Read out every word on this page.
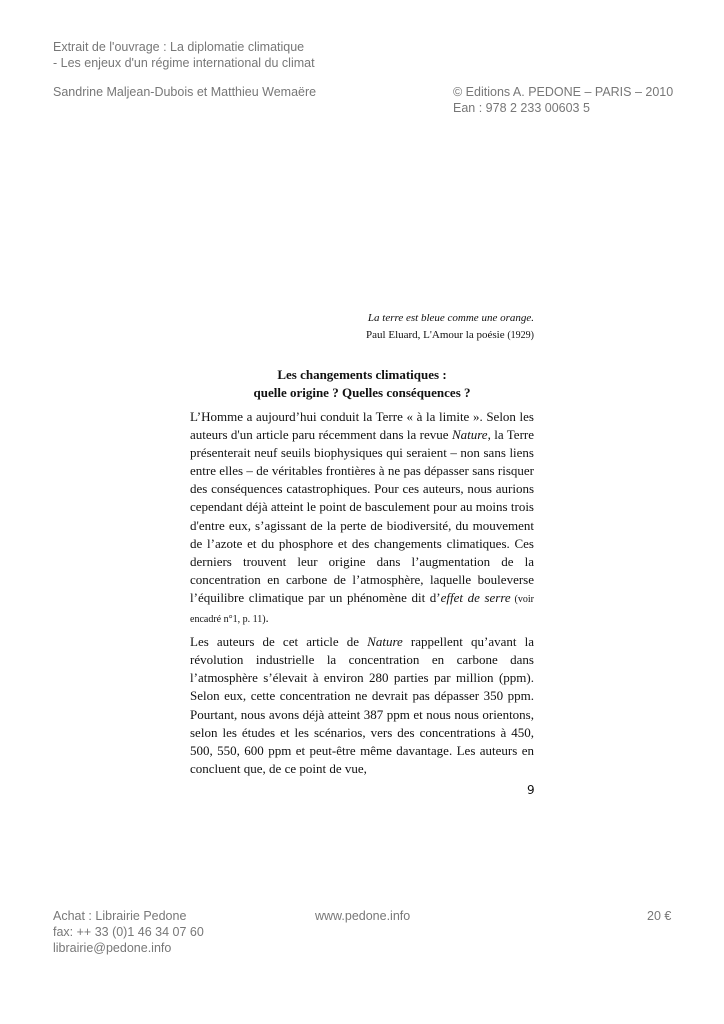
Extrait de l'ouvrage : La diplomatie climatique
- Les enjeux d'un régime international du climat
Sandrine Maljean-Dubois et Matthieu Wemaëre	© Editions A. PEDONE – PARIS – 2010
Ean : 978 2 233 00603 5
La terre est bleue comme une orange.
Paul Eluard, L'Amour la poésie (1929)
Les changements climatiques :
quelle origine ? Quelles conséquences ?

L’Homme a aujourd’hui conduit la Terre « à la limite ». Selon les auteurs d'un article paru récemment dans la revue Nature, la Terre présenterait neuf seuils biophysiques qui seraient – non sans liens entre elles – de véritables frontières à ne pas dépasser sans risquer des conséquences catastrophiques. Pour ces auteurs, nous aurions cependant déjà atteint le point de basculement pour au moins trois d'entre eux, s’agissant de la perte de biodiversité, du mouvement de l’azote et du phosphore et des changements climatiques. Ces derniers trouvent leur origine dans l’augmentation de la concentration en carbone de l’atmosphère, laquelle bouleverse l’équilibre climatique par un phénomène dit d’effet de serre (voir encadré n°1, p. 11).

Les auteurs de cet article de Nature rappellent qu’avant la révolution industrielle la concentration en carbone dans l’atmosphère s’élevait à environ 280 parties par million (ppm). Selon eux, cette concentration ne devrait pas dépasser 350 ppm. Pourtant, nous avons déjà atteint 387 ppm et nous nous orientons, selon les études et les scénarios, vers des concentrations à 450, 500, 550, 600 ppm et peut-être même davantage. Les auteurs en concluent que, de ce point de vue,

9
Achat : Librairie Pedone
fax: ++ 33 (0)1 46 34 07 60
librairie@pedone.info
www.pedone.info	20 €
